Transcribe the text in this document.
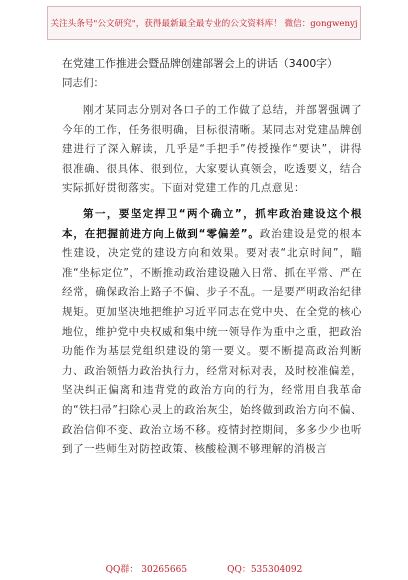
关注头条号"公文研究"，获得最新最全最专业的公文资料库！ 微信：gongwenyj

在党建工作推进会暨品牌创建部署会上的讲话（3400字）

同志们：

刚才某同志分别对各口子的工作做了总结，并部署强调了今年的工作，任务很明确，目标很清晰。某同志对党建品牌创建进行了深入解读，几乎是“手把手”传授操作“要诀”，讲得很准确、很具体、很到位，大家要认真领会，吃透要义，结合实际抓好贯彻落实。下面对党建工作的几点意见：

第一，要坚定捍卫“两个确立”，抓牢政治建设这个根本，在把握前进方向上做到“零偏差”。政治建设是党的根本性建设，决定党的建设方向和效果。要对表“北京时间”，瞄准“坐标定位”，不断推动政治建设融入日常、抓在平常、严在经常，确保政治上路子不偏、步子不乱。一是要严明政治纪律规矩。更加坚决地把维护习近平同志在党中央、在全党的核心地位，维护党中央权威和集中统一领导作为重中之重，把政治功能作为基层党组织建设的第一要义。要不断提高政治判断力、政治领悟力政治执行力，经常对标对表，及时校准偏差，坚决纠正偏离和违背党的政治方向的行为，经常用自我革命的“铁扫帚”扫除心灵上的政治灰尘，始终做到政治方向不偏、政治信仰不变、政治立场不移。疫情封控期间，多多少少也听到了一些师生对防控政策、核酸检测不够理解的消极言

QQ群： 30265665	QQ：535304092
